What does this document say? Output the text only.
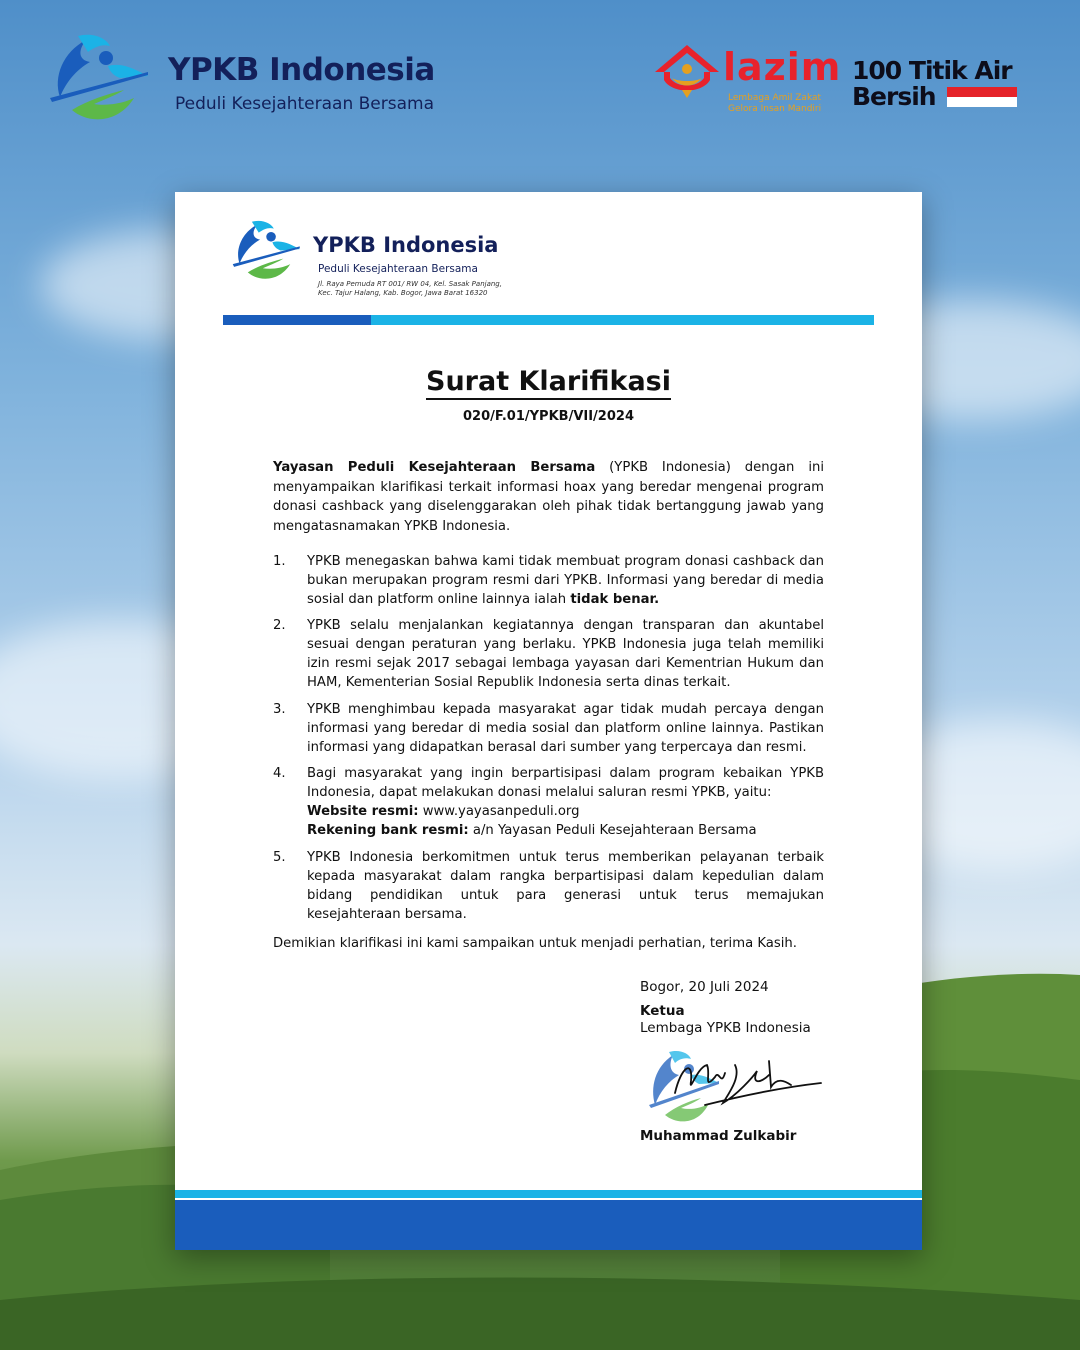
YPKB Indonesia
Peduli Kesejahteraan Bersama
lazim
Lembaga Amil Zakat
Gelora Insan Mandiri
100 Titik Air
Bersih
YPKB Indonesia
Peduli Kesejahteraan Bersama
Jl. Raya Pemuda RT 001/ RW 04, Kel. Sasak Panjang,
Kec. Tajur Halang, Kab. Bogor, Jawa Barat 16320
Surat Klarifikasi
020/F.01/YPKB/VII/2024
Yayasan Peduli Kesejahteraan Bersama (YPKB Indonesia) dengan ini menyampaikan klarifikasi terkait informasi hoax yang beredar mengenai program donasi cashback yang diselenggarakan oleh pihak tidak bertanggung jawab yang mengatasnamakan YPKB Indonesia.
1. YPKB menegaskan bahwa kami tidak membuat program donasi cashback dan bukan merupakan program resmi dari YPKB. Informasi yang beredar di media sosial dan platform online lainnya ialah tidak benar.
2. YPKB selalu menjalankan kegiatannya dengan transparan dan akuntabel sesuai dengan peraturan yang berlaku. YPKB Indonesia juga telah memiliki izin resmi sejak 2017 sebagai lembaga yayasan dari Kementrian Hukum dan HAM, Kementerian Sosial Republik Indonesia serta dinas terkait.
3. YPKB menghimbau kepada masyarakat agar tidak mudah percaya dengan informasi yang beredar di media sosial dan platform online lainnya. Pastikan informasi yang didapatkan berasal dari sumber yang terpercaya dan resmi.
4. Bagi masyarakat yang ingin berpartisipasi dalam program kebaikan YPKB Indonesia, dapat melakukan donasi melalui saluran resmi YPKB, yaitu:
Website resmi: www.yayasanpeduli.org
Rekening bank resmi: a/n Yayasan Peduli Kesejahteraan Bersama
5. YPKB Indonesia berkomitmen untuk terus memberikan pelayanan terbaik kepada masyarakat dalam rangka berpartisipasi dalam kepedulian dalam bidang pendidikan untuk para generasi untuk terus memajukan kesejahteraan bersama.
Demikian klarifikasi ini kami sampaikan untuk menjadi perhatian, terima Kasih.
Bogor, 20 Juli 2024
Ketua
Lembaga YPKB Indonesia
Muhammad Zulkabir
